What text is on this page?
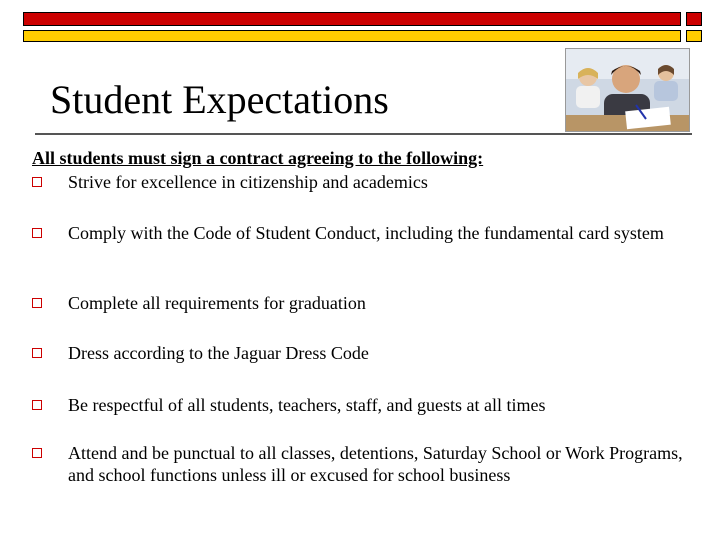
Student Expectations
All students must sign a contract agreeing to the following:
Strive for excellence in citizenship and academics
Comply with the Code of Student Conduct, including the fundamental card system
Complete all requirements for graduation
Dress according to the Jaguar Dress Code
Be respectful of all students, teachers, staff, and guests at all times
Attend and be punctual to all classes, detentions, Saturday School or Work Programs, and school functions unless ill or excused for school business
